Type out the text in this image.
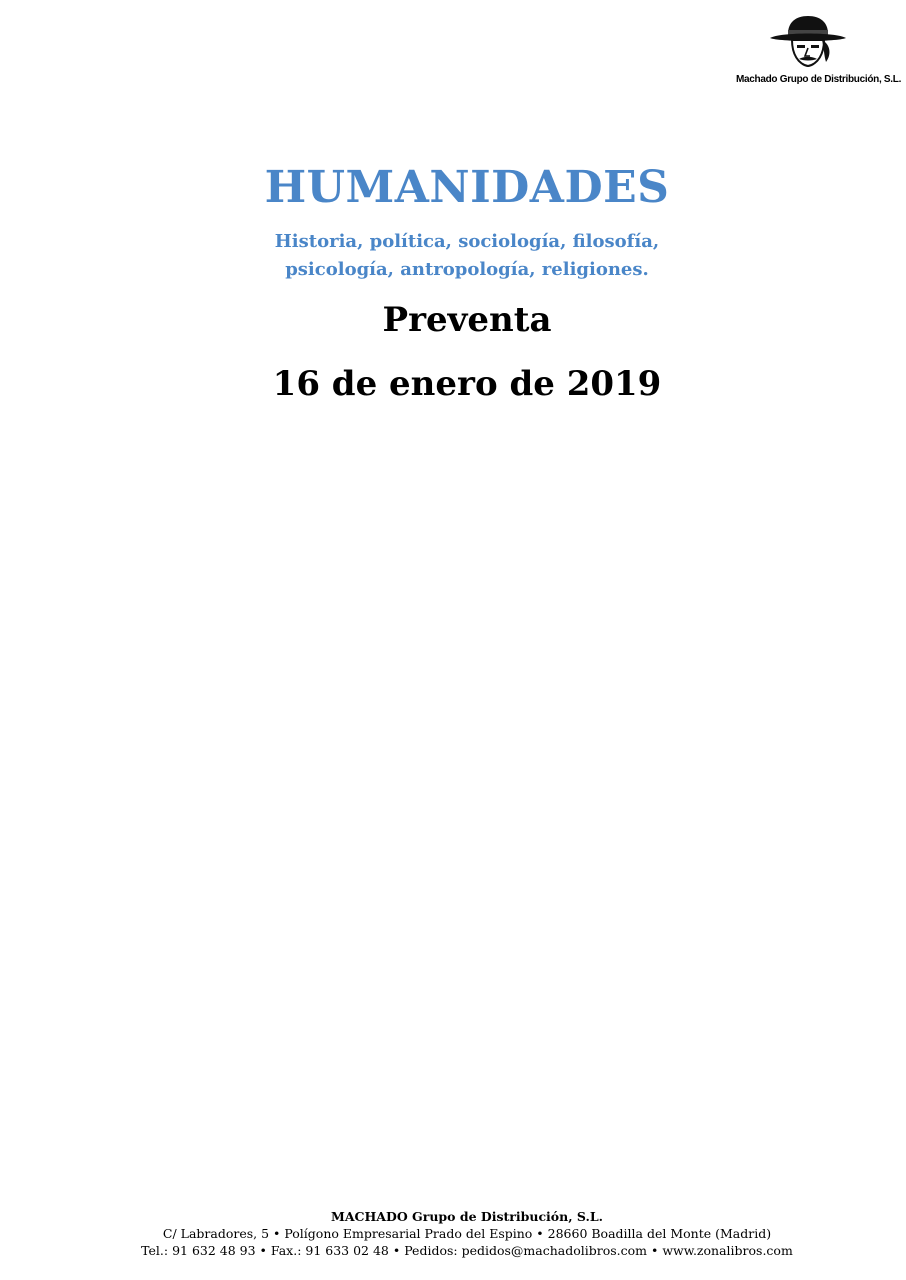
Machado Grupo de Distribución, S.L.
HUMANIDADES
Historia, política, sociología, filosofía,
psicología, antropología, religiones.
Preventa
16 de enero de 2019
MACHADO Grupo de Distribución, S.L.
C/ Labradores, 5 • Polígono Empresarial Prado del Espino • 28660 Boadilla del Monte (Madrid)
Tel.: 91 632 48 93 • Fax.: 91 633 02 48 • Pedidos: pedidos@machadolibros.com • www.zonalibros.com
